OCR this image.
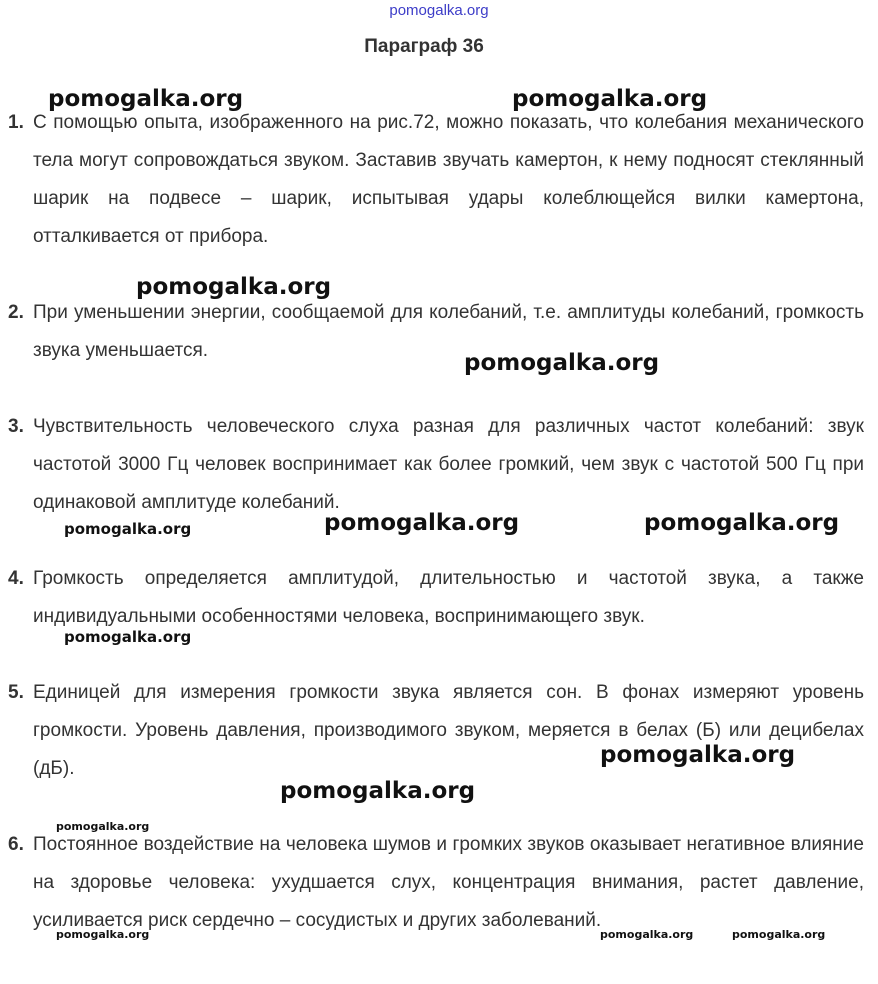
pomogalka.org
Параграф 36
1. С помощью опыта, изображенного на рис.72, можно показать, что колебания механического тела могут сопровождаться звуком. Заставив звучать камертон, к нему подносят стеклянный шарик на подвесе – шарик, испытывая удары колеблющейся вилки камертона, отталкивается от прибора.
2. При уменьшении энергии, сообщаемой для колебаний, т.е. амплитуды колебаний, громкость звука уменьшается.
3. Чувствительность человеческого слуха разная для различных частот колебаний: звук частотой 3000 Гц человек воспринимает как более громкий, чем звук с частотой 500 Гц при одинаковой амплитуде колебаний.
4. Громкость определяется амплитудой, длительностью и частотой звука, а также индивидуальными особенностями человека, воспринимающего звук.
5. Единицей для измерения громкости звука является сон. В фонах измеряют уровень громкости. Уровень давления, производимого звуком, меряется в белах (Б) или децибелах (дБ).
6. Постоянное воздействие на человека шумов и громких звуков оказывает негативное влияние на здоровье человека: ухудшается слух, концентрация внимания, растет давление, усиливается риск сердечно – сосудистых и других заболеваний.
pomogalka.org	pomogalka.org
pomogalka.org
pomogalka.org
pomogalka.org	pomogalka.org	pomogalka.org
pomogalka.org
pomogalka.org
pomogalka.org
pomogalka.org
pomogalka.org	pomogalka.org	pomogalka.org
